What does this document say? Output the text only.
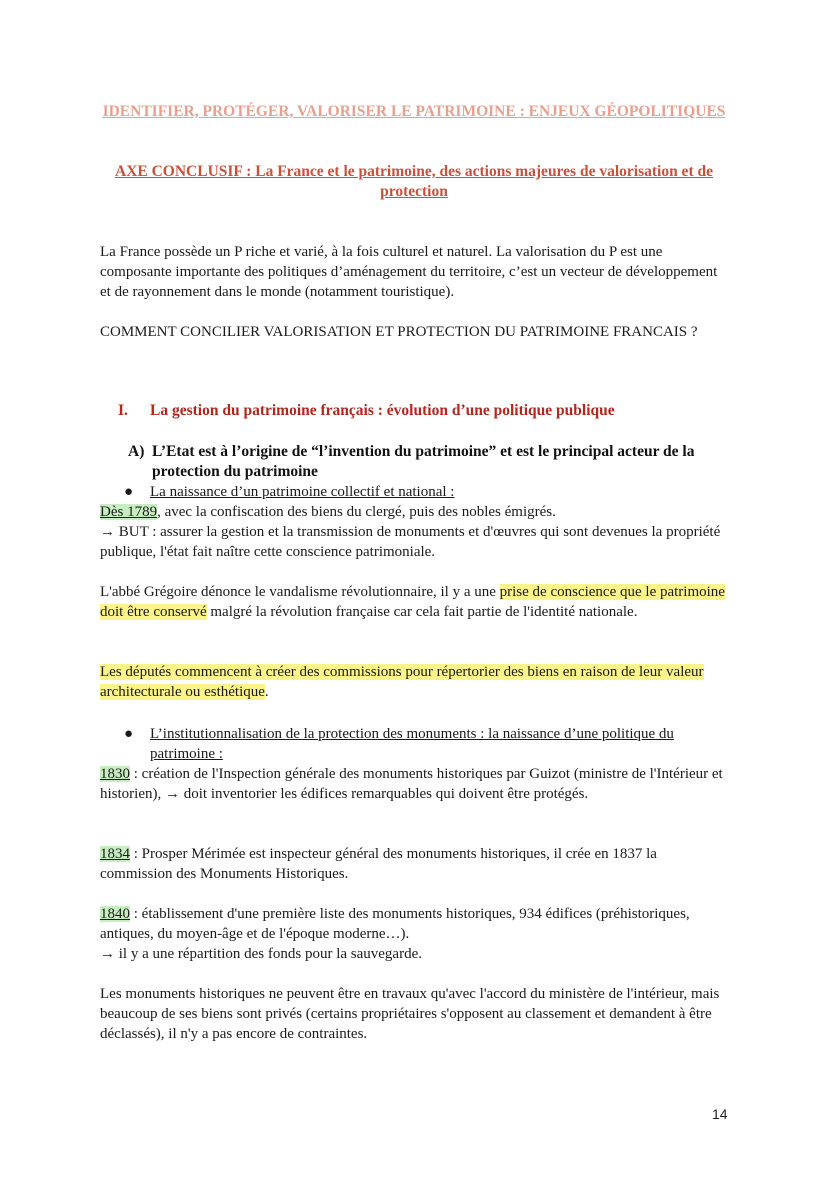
IDENTIFIER, PROTÉGER, VALORISER LE PATRIMOINE : ENJEUX GÉOPOLITIQUES
AXE CONCLUSIF : La France et le patrimoine, des actions majeures de valorisation et de protection
La France possède un P riche et varié, à la fois culturel et naturel. La valorisation du P est une composante importante des politiques d’aménagement du territoire, c’est un vecteur de développement et de rayonnement dans le monde (notamment touristique).
COMMENT CONCILIER VALORISATION ET PROTECTION DU PATRIMOINE FRANCAIS ?
I. La gestion du patrimoine français : évolution d’une politique publique
A) L’Etat est à l’origine de “l’invention du patrimoine” et est le principal acteur de la protection du patrimoine
●	La naissance d’un patrimoine collectif et national :
Dès 1789, avec la confiscation des biens du clergé, puis des nobles émigrés.
→ BUT : assurer la gestion et la transmission de monuments et d'œuvres qui sont devenues la propriété publique, l'état fait naître cette conscience patrimoniale.
L'abbé Grégoire dénonce le vandalisme révolutionnaire, il y a une prise de conscience que le patrimoine doit être conservé malgré la révolution française car cela fait partie de l'identité nationale.
Les députés commencent à créer des commissions pour répertorier des biens en raison de leur valeur architecturale ou esthétique.
●	L’institutionnalisation de la protection des monuments : la naissance d’une politique du patrimoine :
1830 : création de l'Inspection générale des monuments historiques par Guizot (ministre de l'Intérieur et historien), → doit inventorier les édifices remarquables qui doivent être protégés.
1834 : Prosper Mérimée est inspecteur général des monuments historiques, il crée en 1837 la commission des Monuments Historiques.
1840 : établissement d'une première liste des monuments historiques, 934 édifices (préhistoriques, antiques, du moyen-âge et de l'époque moderne…).
→ il y a une répartition des fonds pour la sauvegarde.
Les monuments historiques ne peuvent être en travaux qu'avec l'accord du ministère de l'intérieur, mais beaucoup de ses biens sont privés (certains propriétaires s'opposent au classement et demandent à être déclassés), il n'y a pas encore de contraintes.
14
